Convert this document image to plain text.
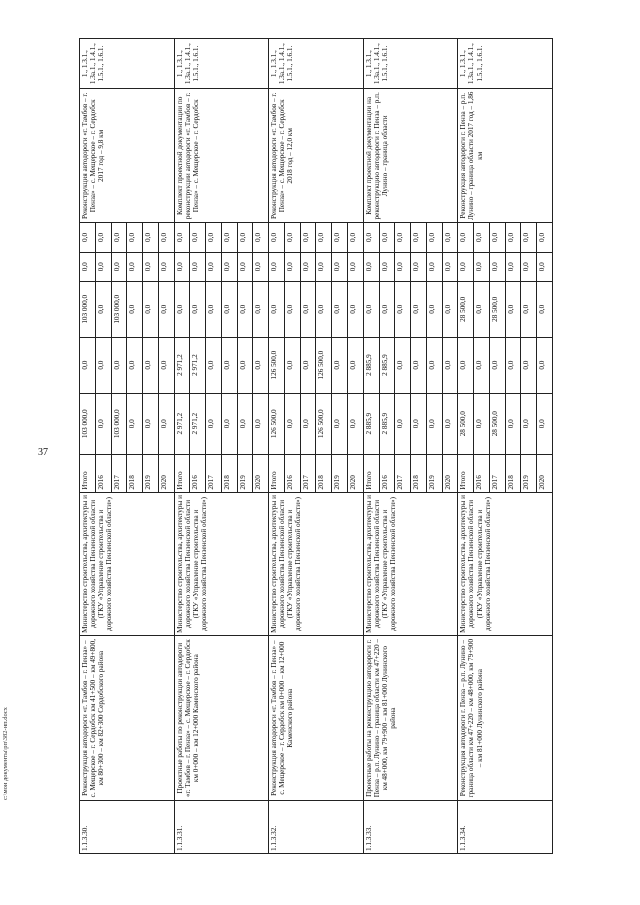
37
c:\мои документы\рп\382-нп.docx
1.1.3.30.	Реконструкция автодороги «г. Тамбов – г. Пенза» – с. Мещерское – г. Сердобск км 41+500 – км 49+800, км 80+300 – км 82+300 Сердобского района	Министерство строительства, архитектуры и дорожного хозяйства Пензенской области (ГКУ «Управление строительства и дорожного хозяйства Пензенской области»)	Итого	103 000,0	0,0	103 000,0	0,0	0,0	Реконструкция автодороги «г. Тамбов – г. Пенза» – с. Мещерское – г. Сердобск 2017 год – 9,8 км	1., 1.3.1., 1.3а.1., 1.4.1., 1.5.1., 1.6.1.
			2016	0,0	0,0	0,0	0,0	0,0		
			2017	103 000,0	0,0	103 000,0	0,0	0,0		
			2018	0,0	0,0	0,0	0,0	0,0		
			2019	0,0	0,0	0,0	0,0	0,0		
			2020	0,0	0,0	0,0	0,0	0,0		
1.1.3.31.	Проектные работы по реконструкции автодороги «г. Тамбов – г. Пенза» – с. Мещерское – г. Сердобск км 0+000 – км 12+000 Каменского района	Министерство строительства, архитектуры и дорожного хозяйства Пензенской области (ГКУ «Управление строительства и дорожного хозяйства Пензенской области»)	Итого	2 971,2	2 971,2	0,0	0,0	0,0	Комплект проектной документации по реконструкции автодороги «г. Тамбов – г. Пенза» – с. Мещерское – г. Сердобск	1., 1.3.1., 1.3а.1., 1.4.1., 1.5.1., 1.6.1.
			2016	2 971,2	2 971,2	0,0	0,0	0,0		
			2017	0,0	0,0	0,0	0,0	0,0		
			2018	0,0	0,0	0,0	0,0	0,0		
			2019	0,0	0,0	0,0	0,0	0,0		
			2020	0,0	0,0	0,0	0,0	0,0		
1.1.3.32.	Реконструкция автодороги «г. Тамбов – г. Пенза» – с. Мещерское – г. Сердобск км 0+000 – км 12+000 Каменского района	Министерство строительства, архитектуры и дорожного хозяйства Пензенской области (ГКУ «Управление строительства и дорожного хозяйства Пензенской области»)	Итого	126 500,0	126 500,0	0,0	0,0	0,0	Реконструкция автодороги «г. Тамбов – г. Пенза» – с. Мещерское – г. Сердобск 2018 год – 12,0 км	1., 1.3.1., 1.3а.1., 1.4.1., 1.5.1., 1.6.1.
			2016	0,0	0,0	0,0	0,0	0,0		
			2017	0,0	0,0	0,0	0,0	0,0		
			2018	126 500,0	126 500,0	0,0	0,0	0,0		
			2019	0,0	0,0	0,0	0,0	0,0		
			2020	0,0	0,0	0,0	0,0	0,0		
1.1.3.33.	Проектные работы на реконструкцию автодороги г. Пенза – р.п. Лунино – граница области км 47+220 – км 48+000, км 79+900 – км 81+000 Лунинского района	Министерство строительства, архитектуры и дорожного хозяйства Пензенской области (ГКУ «Управление строительства и дорожного хозяйства Пензенской области»)	Итого	2 885,9	2 885,9	0,0	0,0	0,0	Комплект проектной документации на реконструкцию автодороги г. Пенза – р.п. Лунино – граница области	1., 1.3.1., 1.3а.1., 1.4.1., 1.5.1., 1.6.1.
			2016	2 885,9	2 885,9	0,0	0,0	0,0		
			2017	0,0	0,0	0,0	0,0	0,0		
			2018	0,0	0,0	0,0	0,0	0,0		
			2019	0,0	0,0	0,0	0,0	0,0		
			2020	0,0	0,0	0,0	0,0	0,0		
1.1.3.34.	Реконструкция автодороги г. Пенза – р.п. Лунино – граница области км 47+220 – км 48+000, км 79+900 – км 81+000 Лунинского района	Министерство строительства, архитектуры и дорожного хозяйства Пензенской области (ГКУ «Управление строительства и дорожного хозяйства Пензенской области»)	Итого	28 500,0	0,0	28 500,0	0,0	0,0	Реконструкция автодороги г. Пенза – р.п. Лунино – граница области 2017 год – 1,86 км	1., 1.3.1., 1.3а.1., 1.4.1., 1.5.1., 1.6.1.
			2016	0,0	0,0	0,0	0,0	0,0		
			2017	28 500,0	0,0	28 500,0	0,0	0,0		
			2018	0,0	0,0	0,0	0,0	0,0		
			2019	0,0	0,0	0,0	0,0	0,0		
			2020	0,0	0,0	0,0	0,0	0,0		
